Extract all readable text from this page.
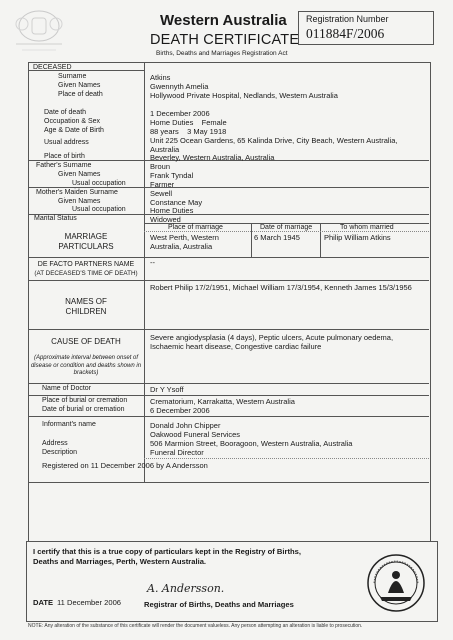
Western Australia
DEATH CERTIFICATE
Births, Deaths and Marriages Registration Act
Registration Number
011884F/2006
DECEASED
Surname	Atkins
Given Names	Gwennyth Amelia
Place of death	Hollywood Private Hospital, Nedlands, Western Australia
Date of death	1 December 2006
Occupation & Sex	Home Duties    Female
Age & Date of Birth	88 years    3 May 1918
Usual address	Unit 225 Ocean Gardens, 65 Kalinda Drive, City Beach, Western Australia,
Australia
Place of birth	Beverley, Western Australia, Australia
Father's Surname	Broun
Given Names	Frank Tyndal
Usual occupation	Farmer
Mother's Maiden Surname	Sewell
Given Names	Constance May
Usual occupation	Home Duties
Marital Status	Widowed
MARRIAGE
PARTICULARS
Place of marriage	Date of marriage	To whom married
West Perth, Western
Australia, Australia
6 March 1945	Philip William Atkins
DE FACTO PARTNERS NAME
(AT DECEASED'S TIME OF DEATH)
--
NAMES OF
CHILDREN
Robert Philip 17/2/1951, Michael William 17/3/1954, Kenneth James 15/3/1956
CAUSE OF DEATH
(Approximate interval between onset of
disease or condition and deaths shown in
brackets)
Severe angiodysplasia (4 days), Peptic ulcers, Acute pulmonary oedema,
Ischaemic heart disease, Congestive cardiac failure
Name of Doctor	Dr Y Ysoff
Place of burial or cremation	Crematorium, Karrakatta, Western Australia
Date of burial or cremation	6 December 2006
Informant's name	Donald John Chipper
Oakwood Funeral Services
Address	506 Marmion Street, Booragoon, Western Australia, Australia
Description	Funeral Director
Registered on 11 December 2006 by A Andersson
I certify that this is a true copy of particulars kept in the Registry of Births,
Deaths and Marriages, Perth, Western Australia.
DATE 11 December 2006
A. Andersson.
Registrar of Births, Deaths and Marriages
NOTE: Any alteration of the substance of this certificate will render the document valueless. Any person attempting an alteration is liable to prosecution.
